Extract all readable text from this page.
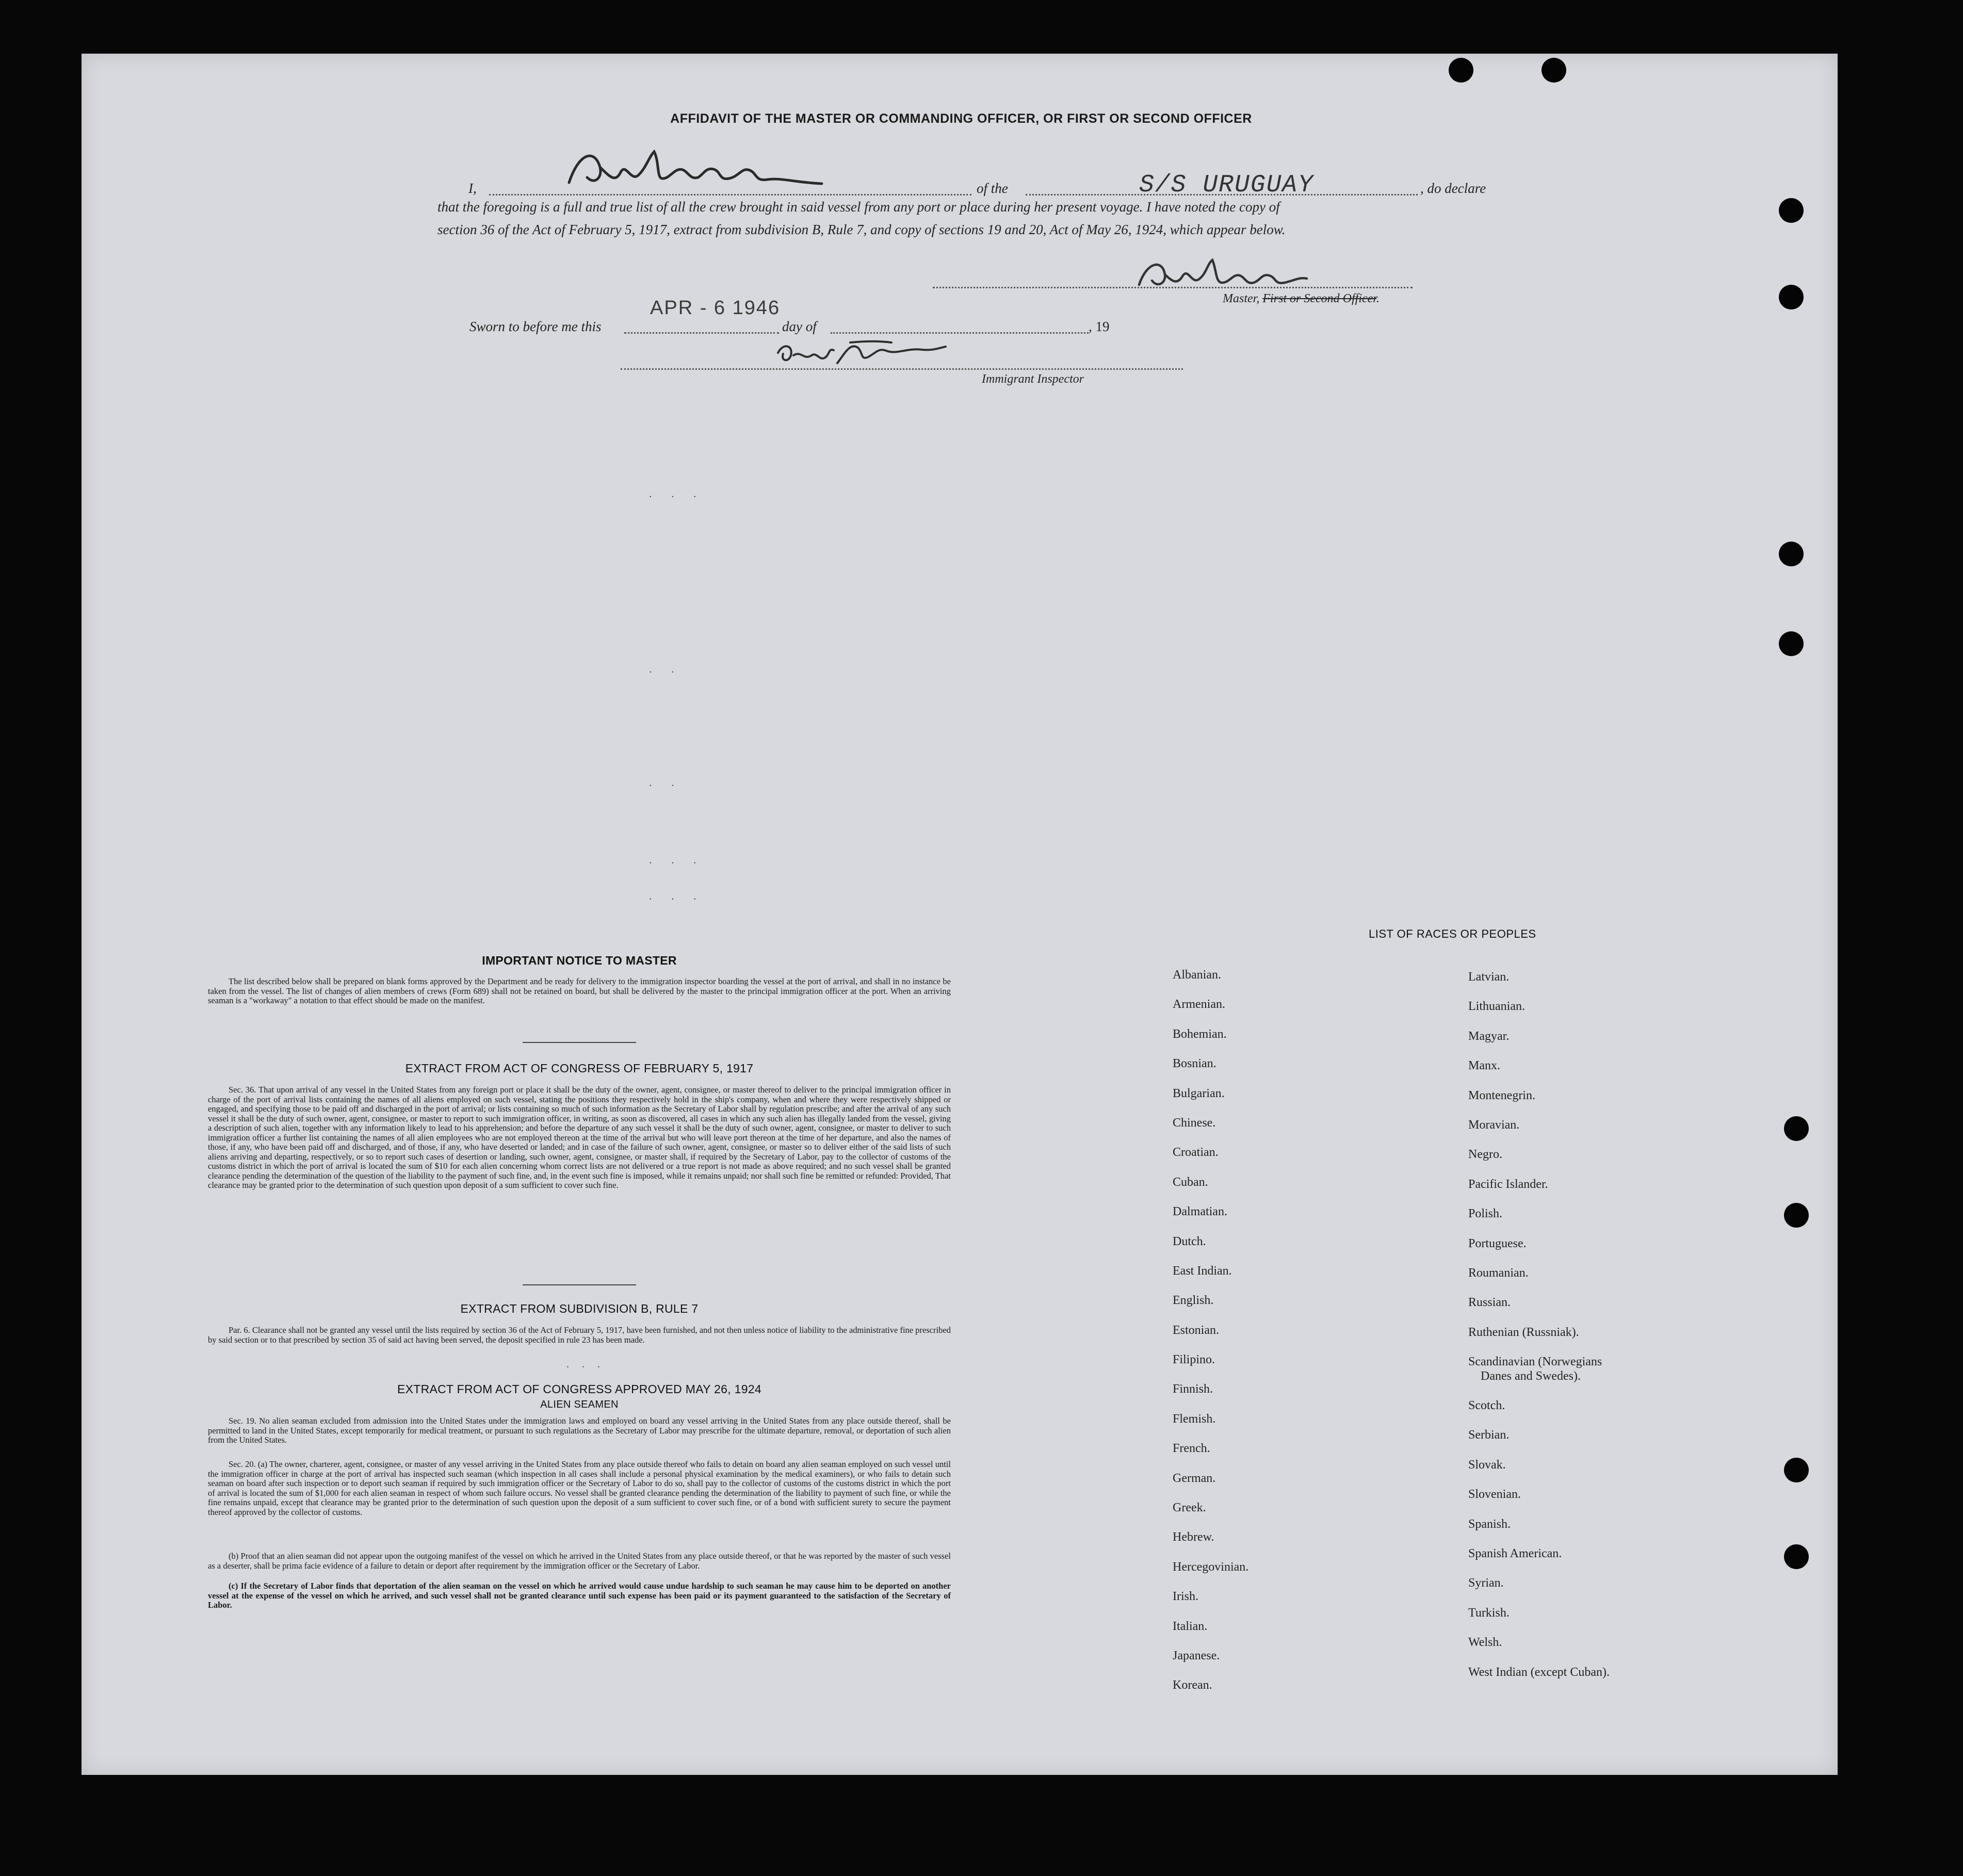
AFFIDAVIT OF THE MASTER OR COMMANDING OFFICER, OR FIRST OR SECOND OFFICER
I,	of the	S/S URUGUAY	, do declare
that the foregoing is a full and true list of all the crew brought in said vessel from any port or place during her present voyage. I have noted the copy of
section 36 of the Act of February 5, 1917, extract from subdivision B, Rule 7, and copy of sections 19 and 20, Act of May 26, 1924, which appear below.
Master, First or Second Officer.
APR - 6 1946
Sworn to before me this	day of	, 19
Immigrant Inspector
. . .
. .
. .
. . .
. . .
IMPORTANT NOTICE TO MASTER

The list described below shall be prepared on blank forms approved by the Department and be ready for delivery to the immigration inspector boarding the vessel at the port of arrival, and shall in no instance be taken from the vessel. The list of changes of alien members of crews (Form 689) shall not be retained on board, but shall be delivered by the master to the principal immigration officer at the port. When an arriving seaman is a "workaway" a notation to that effect should be made on the manifest.

EXTRACT FROM ACT OF CONGRESS OF FEBRUARY 5, 1917

Sec. 36. That upon arrival of any vessel in the United States from any foreign port or place it shall be the duty of the owner, agent, consignee, or master thereof to deliver to the principal immigration officer in charge of the port of arrival lists containing the names of all aliens employed on such vessel, stating the positions they respectively hold in the ship's company, when and where they were respectively shipped or engaged, and specifying those to be paid off and discharged in the port of arrival; or lists containing so much of such information as the Secretary of Labor shall by regulation prescribe; and after the arrival of any such vessel it shall be the duty of such owner, agent, consignee, or master to report to such immigration officer, in writing, as soon as discovered, all cases in which any such alien has illegally landed from the vessel, giving a description of such alien, together with any information likely to lead to his apprehension; and before the departure of any such vessel it shall be the duty of such owner, agent, consignee, or master to deliver to such immigration officer a further list containing the names of all alien employees who are not employed thereon at the time of the arrival but who will leave port thereon at the time of her departure, and also the names of those, if any, who have been paid off and discharged, and of those, if any, who have deserted or landed; and in case of the failure of such owner, agent, consignee, or master so to deliver either of the said lists of such aliens arriving and departing, respectively, or so to report such cases of desertion or landing, such owner, agent, consignee, or master shall, if required by the Secretary of Labor, pay to the collector of customs of the customs district in which the port of arrival is located the sum of $10 for each alien concerning whom correct lists are not delivered or a true report is not made as above required; and no such vessel shall be granted clearance pending the determination of the question of the liability to the payment of such fine, and, in the event such fine is imposed, while it remains unpaid; nor shall such fine be remitted or refunded: Provided, That clearance may be granted prior to the determination of such question upon deposit of a sum sufficient to cover such fine.

EXTRACT FROM SUBDIVISION B, RULE 7

Par. 6. Clearance shall not be granted any vessel until the lists required by section 36 of the Act of February 5, 1917, have been furnished, and not then unless notice of liability to the administrative fine prescribed by said section or to that prescribed by section 35 of said act having been served, the deposit specified in rule 23 has been made.

. . .
EXTRACT FROM ACT OF CONGRESS APPROVED MAY 26, 1924
ALIEN SEAMEN

Sec. 19. No alien seaman excluded from admission into the United States under the immigration laws and employed on board any vessel arriving in the United States from any place outside thereof, shall be permitted to land in the United States, except temporarily for medical treatment, or pursuant to such regulations as the Secretary of Labor may prescribe for the ultimate departure, removal, or deportation of such alien from the United States.

Sec. 20. (a) The owner, charterer, agent, consignee, or master of any vessel arriving in the United States from any place outside thereof who fails to detain on board any alien seaman employed on such vessel until the immigration officer in charge at the port of arrival has inspected such seaman (which inspection in all cases shall include a personal physical examination by the medical examiners), or who fails to detain such seaman on board after such inspection or to deport such seaman if required by such immigration officer or the Secretary of Labor to do so, shall pay to the collector of customs of the customs district in which the port of arrival is located the sum of $1,000 for each alien seaman in respect of whom such failure occurs. No vessel shall be granted clearance pending the determination of the liability to payment of such fine, or while the fine remains unpaid, except that clearance may be granted prior to the determination of such question upon the deposit of a sum sufficient to cover such fine, or of a bond with sufficient surety to secure the payment thereof approved by the collector of customs.

(b) Proof that an alien seaman did not appear upon the outgoing manifest of the vessel on which he arrived in the United States from any place outside thereof, or that he was reported by the master of such vessel as a deserter, shall be prima facie evidence of a failure to detain or deport after requirement by the immigration officer or the Secretary of Labor.

(c) If the Secretary of Labor finds that deportation of the alien seaman on the vessel on which he arrived would cause undue hardship to such seaman he may cause him to be deported on another vessel at the expense of the vessel on which he arrived, and such vessel shall not be granted clearance until such expense has been paid or its payment guaranteed to the satisfaction of the Secretary of Labor.

LIST OF RACES OR PEOPLES
Albanian.
Armenian.
Bohemian.
Bosnian.
Bulgarian.
Chinese.
Croatian.
Cuban.
Dalmatian.
Dutch.
East Indian.
English.
Estonian.
Filipino.
Finnish.
Flemish.
French.
German.
Greek.
Hebrew.
Hercegovinian.
Irish.
Italian.
Japanese.
Korean.
Latvian.
Lithuanian.
Magyar.
Manx.
Montenegrin.
Moravian.
Negro.
Pacific Islander.
Polish.
Portuguese.
Roumanian.
Russian.
Ruthenian (Russniak).
Scandinavian (Norwegians
Danes and Swedes).
Scotch.
Serbian.
Slovak.
Slovenian.
Spanish.
Spanish American.
Syrian.
Turkish.
Welsh.
West Indian (except Cuban).
